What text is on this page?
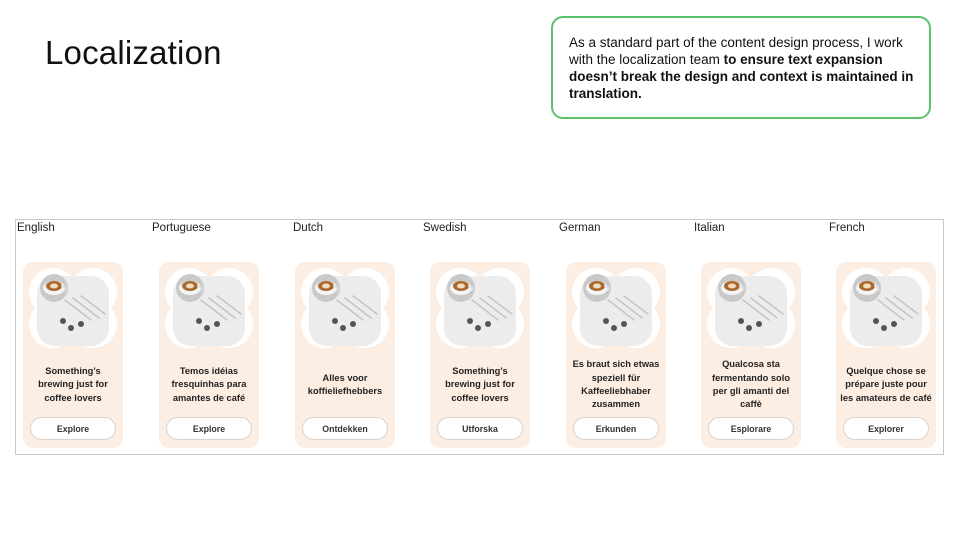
Localization	As a standard part of the content design process, I work with the localization team to ensure text expansion doesn’t break the design and context is maintained in translation.
English
Something’s brewing just for coffee lovers
Explore
Portuguese
Temos idéias fresquinhas para amantes de café
Explore
Dutch
Alles voor koffieliefhebbers
Ontdekken
Swedish
Something’s brewing just for coffee lovers
Utforska
German
Es braut sich etwas speziell für Kaffeeliebhaber zusammen
Erkunden
Italian
Qualcosa sta fermentando solo per gli amanti del caffè
Esplorare
French
Quelque chose se prépare juste pour les amateurs de café
Explorer
